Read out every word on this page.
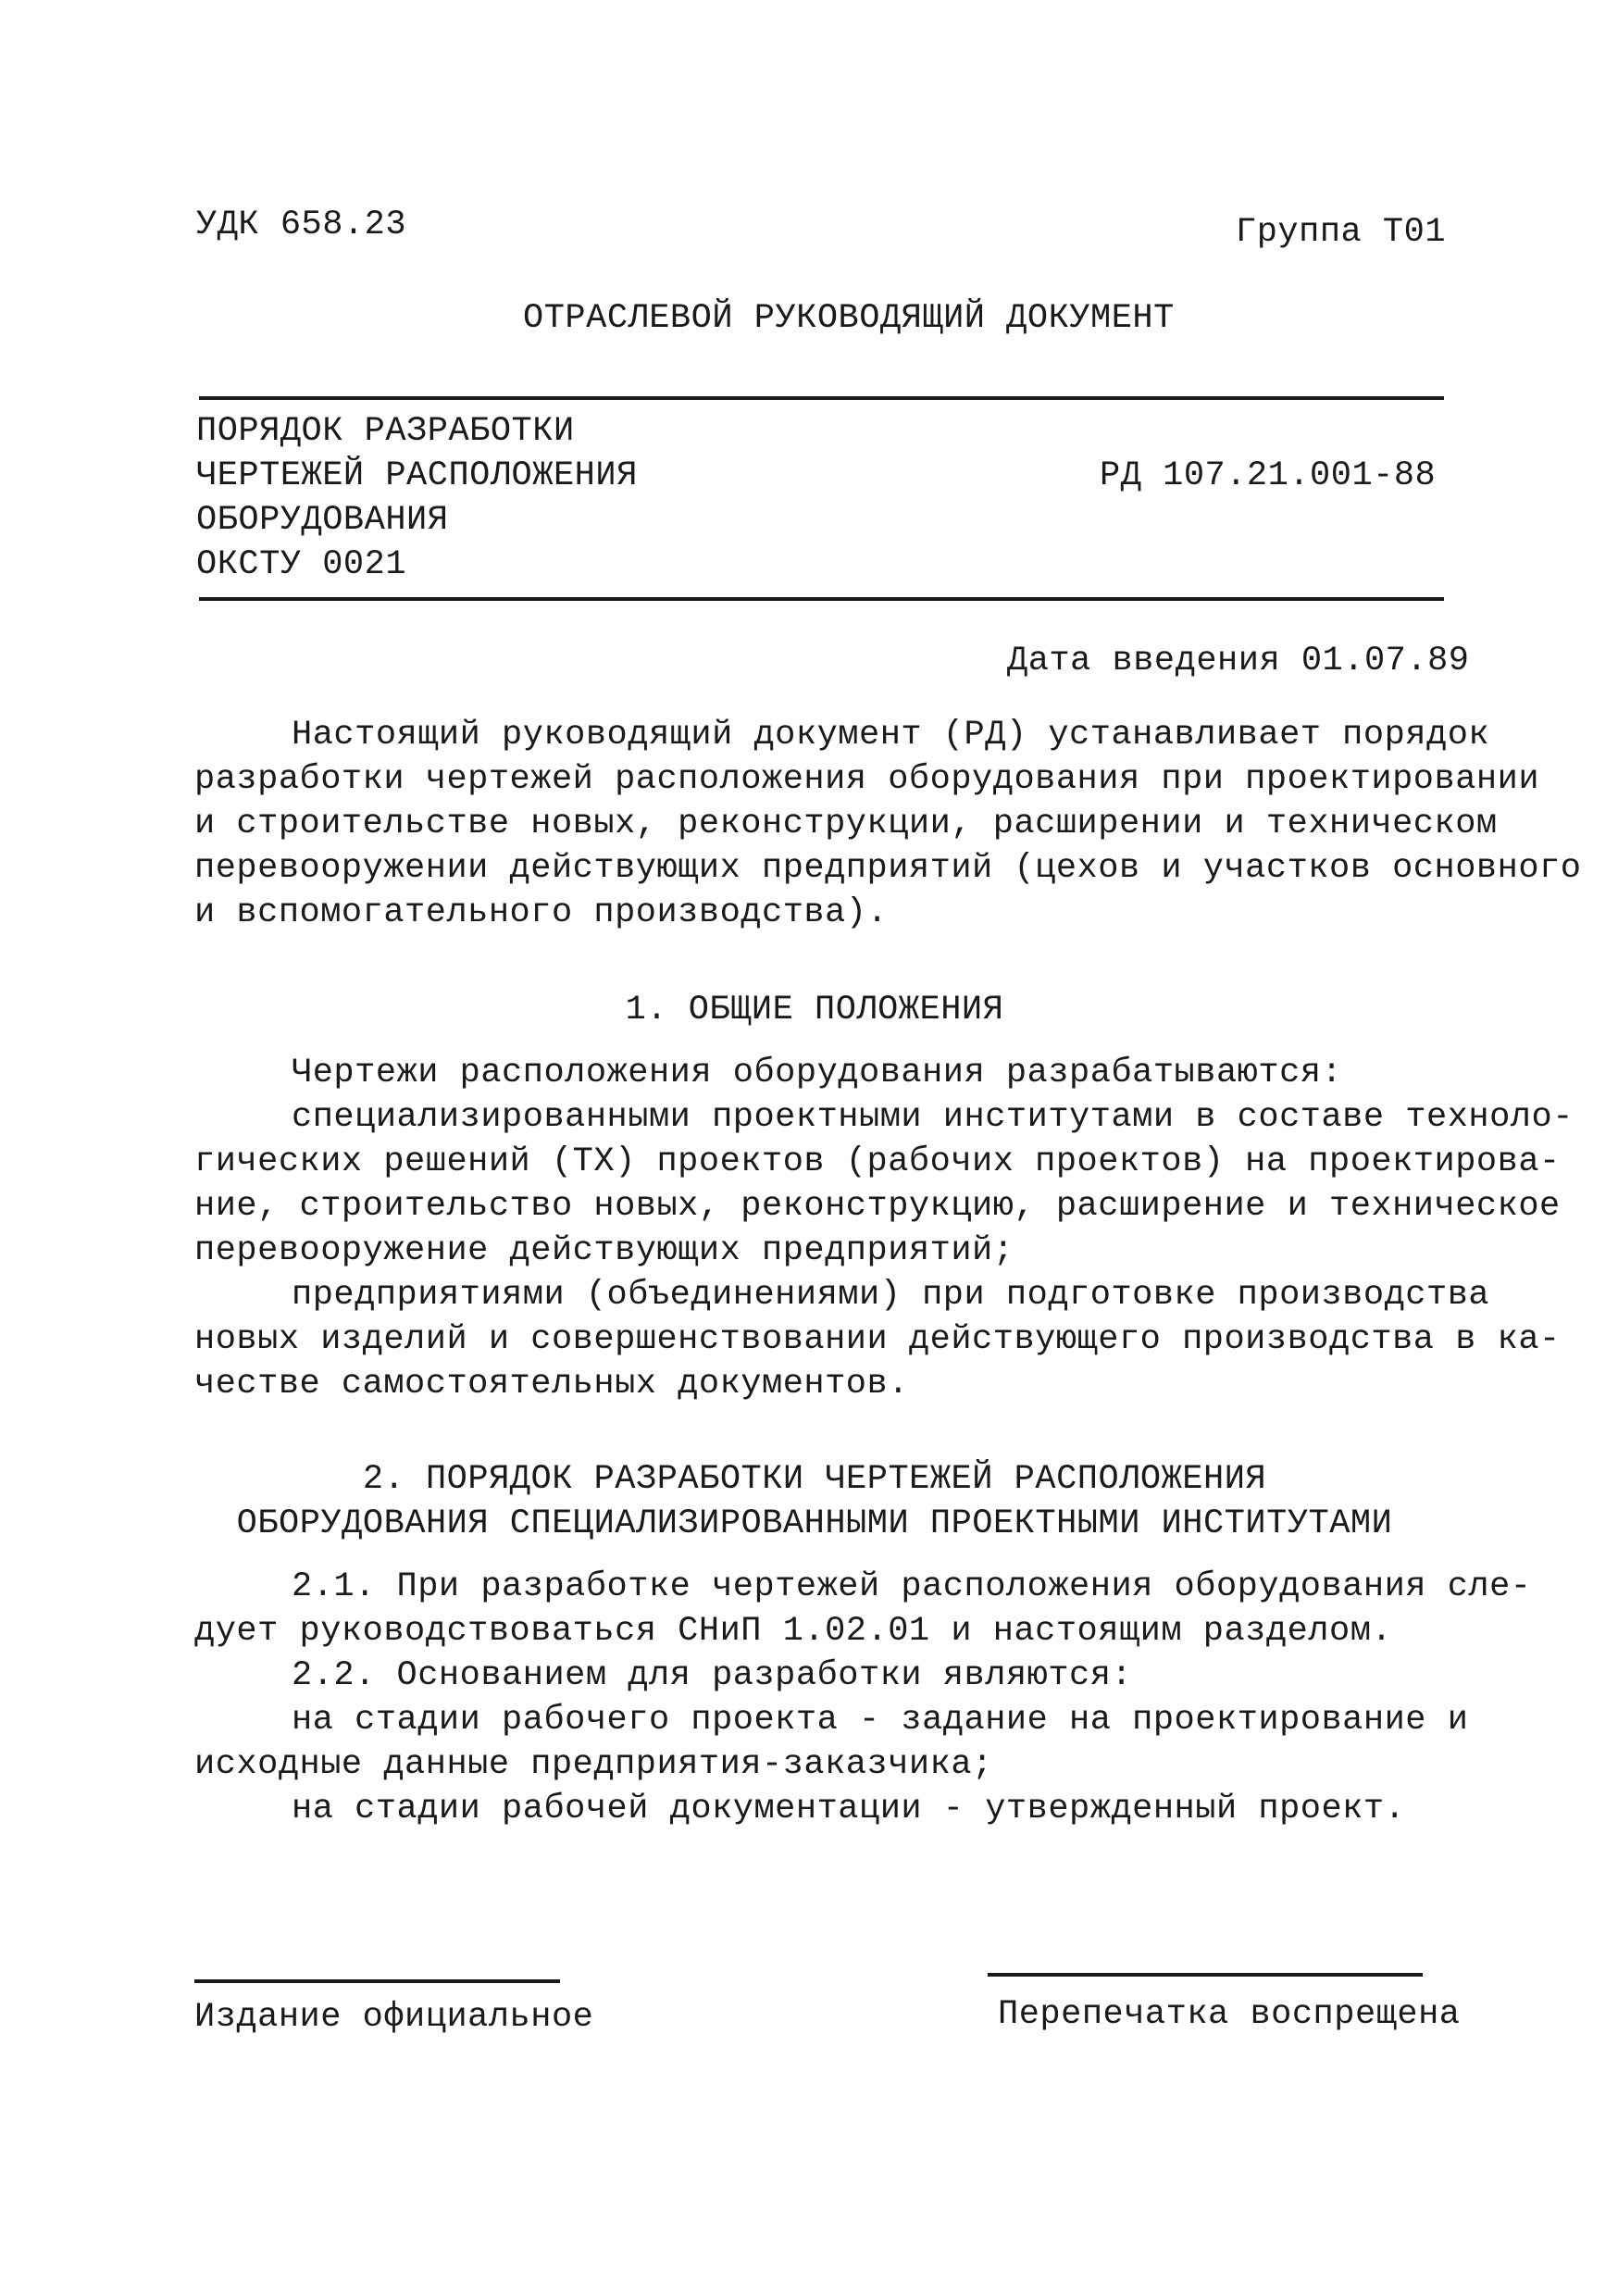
УДК 658.23	Группа Т01
ОТРАСЛЕВОЙ РУКОВОДЯЩИЙ ДОКУМЕНТ
ПОРЯДОК РАЗРАБОТКИ
ЧЕРТЕЖЕЙ РАСПОЛОЖЕНИЯ
ОБОРУДОВАНИЯ
ОКСТУ 0021
РД 107.21.001-88
Дата введения 01.07.89
Настоящий руководящий документ (РД) устанавливает порядок
разработки чертежей расположения оборудования при проектировании
и строительстве новых, реконструкции, расширении и техническом
перевооружении действующих предприятий (цехов и участков основного
и вспомогательного производства).
1. ОБЩИЕ ПОЛОЖЕНИЯ
Чертежи расположения оборудования разрабатываются:
специализированными проектными институтами в составе техноло-
гических решений (ТХ) проектов (рабочих проектов) на проектирова-
ние, строительство новых, реконструкцию, расширение и техническое
перевооружение действующих предприятий;
предприятиями (объединениями) при подготовке производства
новых изделий и совершенствовании действующего производства в ка-
честве самостоятельных документов.
2. ПОРЯДОК РАЗРАБОТКИ ЧЕРТЕЖЕЙ РАСПОЛОЖЕНИЯ
ОБОРУДОВАНИЯ СПЕЦИАЛИЗИРОВАННЫМИ ПРОЕКТНЫМИ ИНСТИТУТАМИ
2.1. При разработке чертежей расположения оборудования сле-
дует руководствоваться СНиП 1.02.01 и настоящим разделом.
2.2. Основанием для разработки являются:
на стадии рабочего проекта - задание на проектирование и
исходные данные предприятия-заказчика;
на стадии рабочей документации - утвержденный проект.
Издание официальное	Перепечатка воспрещена
